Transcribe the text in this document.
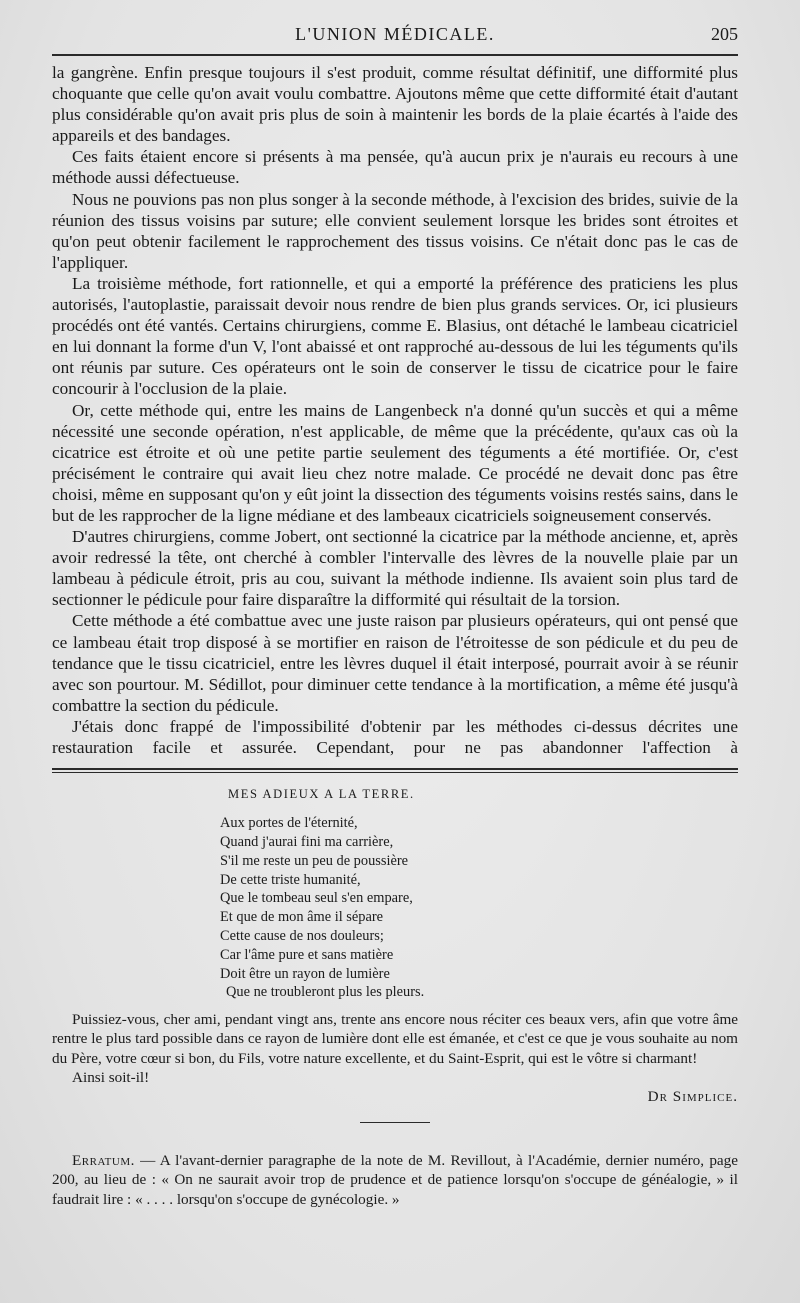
L'UNION MÉDICALE.	205

la gangrène. Enfin presque toujours il s'est produit, comme résultat définitif, une difformité plus choquante que celle qu'on avait voulu combattre. Ajoutons même que cette difformité était d'autant plus considérable qu'on avait pris plus de soin à maintenir les bords de la plaie écartés à l'aide des appareils et des bandages.

Ces faits étaient encore si présents à ma pensée, qu'à aucun prix je n'aurais eu recours à une méthode aussi défectueuse.

Nous ne pouvions pas non plus songer à la seconde méthode, à l'excision des brides, suivie de la réunion des tissus voisins par suture; elle convient seulement lorsque les brides sont étroites et qu'on peut obtenir facilement le rapprochement des tissus voisins. Ce n'était donc pas le cas de l'appliquer.

La troisième méthode, fort rationnelle, et qui a emporté la préférence des praticiens les plus autorisés, l'autoplastie, paraissait devoir nous rendre de bien plus grands services. Or, ici plusieurs procédés ont été vantés. Certains chirurgiens, comme E. Blasius, ont détaché le lambeau cicatriciel en lui donnant la forme d'un V, l'ont abaissé et ont rapproché au-dessous de lui les téguments qu'ils ont réunis par suture. Ces opérateurs ont le soin de conserver le tissu de cicatrice pour le faire concourir à l'occlusion de la plaie.

Or, cette méthode qui, entre les mains de Langenbeck n'a donné qu'un succès et qui a même nécessité une seconde opération, n'est applicable, de même que la précédente, qu'aux cas où la cicatrice est étroite et où une petite partie seulement des téguments a été mortifiée. Or, c'est précisément le contraire qui avait lieu chez notre malade. Ce procédé ne devait donc pas être choisi, même en supposant qu'on y eût joint la dissection des téguments voisins restés sains, dans le but de les rapprocher de la ligne médiane et des lambeaux cicatriciels soigneusement conservés.

D'autres chirurgiens, comme Jobert, ont sectionné la cicatrice par la méthode ancienne, et, après avoir redressé la tête, ont cherché à combler l'intervalle des lèvres de la nouvelle plaie par un lambeau à pédicule étroit, pris au cou, suivant la méthode indienne. Ils avaient soin plus tard de sectionner le pédicule pour faire disparaître la difformité qui résultait de la torsion.

Cette méthode a été combattue avec une juste raison par plusieurs opérateurs, qui ont pensé que ce lambeau était trop disposé à se mortifier en raison de l'étroitesse de son pédicule et du peu de tendance que le tissu cicatriciel, entre les lèvres duquel il était interposé, pourrait avoir à se réunir avec son pourtour. M. Sédillot, pour diminuer cette tendance à la mortification, a même été jusqu'à combattre la section du pédicule.

J'étais donc frappé de l'impossibilité d'obtenir par les méthodes ci-dessus décrites une restauration facile et assurée. Cependant, pour ne pas abandonner l'affection à

MES ADIEUX A LA TERRE.
Aux portes de l'éternité,
Quand j'aurai fini ma carrière,
S'il me reste un peu de poussière
De cette triste humanité,
Que le tombeau seul s'en empare,
Et que de mon âme il sépare
Cette cause de nos douleurs;
Car l'âme pure et sans matière
Doit être un rayon de lumière
Que ne troubleront plus les pleurs.

Puissiez-vous, cher ami, pendant vingt ans, trente ans encore nous réciter ces beaux vers, afin que votre âme rentre le plus tard possible dans ce rayon de lumière dont elle est émanée, et c'est ce que je vous souhaite au nom du Père, votre cœur si bon, du Fils, votre nature excellente, et du Saint-Esprit, qui est le vôtre si charmant!

Ainsi soit-il!

Dr Simplice.

Erratum. — A l'avant-dernier paragraphe de la note de M. Revillout, à l'Académie, dernier numéro, page 200, au lieu de : « On ne saurait avoir trop de prudence et de patience lorsqu'on s'occupe de généalogie, » il faudrait lire : « . . . . lorsqu'on s'occupe de gynécologie. »
